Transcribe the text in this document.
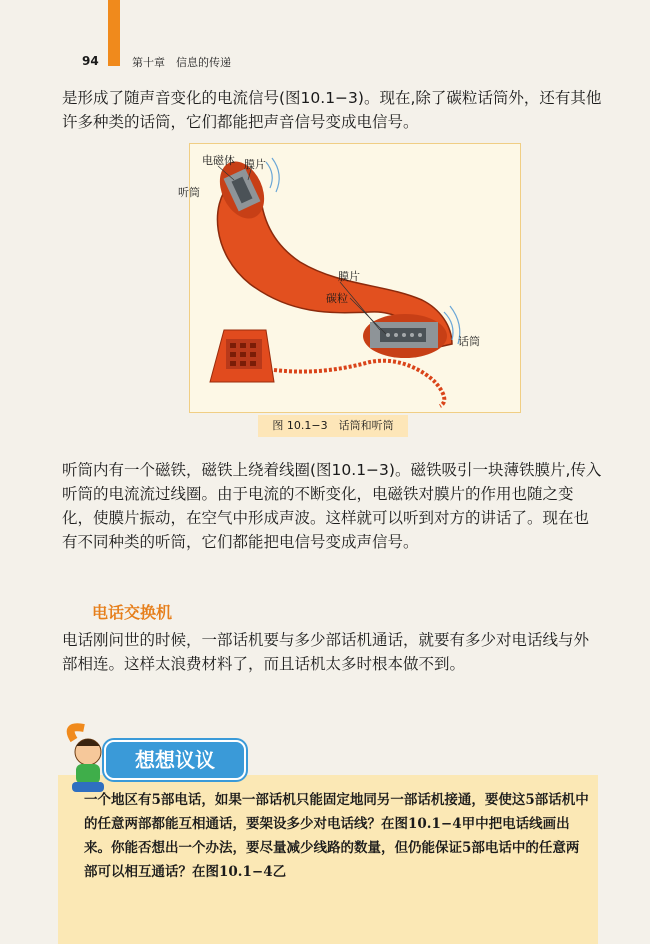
94	第十章　信息的传递
是形成了随声音变化的电流信号(图10.1−3)。现在,除了碳粒话筒外，还有其他许多种类的话筒，它们都能把声音信号变成电信号。
电磁体 膜片
听筒
膜片
碳粒
话筒
图 10.1−3　话筒和听筒
听筒内有一个磁铁，磁铁上绕着线圈(图10.1−3)。磁铁吸引一块薄铁膜片,传入听筒的电流流过线圈。由于电流的不断变化，电磁铁对膜片的作用也随之变化，使膜片振动，在空气中形成声波。这样就可以听到对方的讲话了。现在也有不同种类的听筒，它们都能把电信号变成声信号。
电话交换机
电话刚问世的时候，一部话机要与多少部话机通话，就要有多少对电话线与外部相连。这样太浪费材料了，而且话机太多时根本做不到。
想想议议
一个地区有5部电话，如果一部话机只能固定地同另一部话机接通，要使这5部话机中的任意两部都能互相通话，要架设多少对电话线？在图10.1−4甲中把电话线画出来。你能否想出一个办法，要尽量减少线路的数量，但仍能保证5部电话中的任意两部可以相互通话？在图10.1−4乙
